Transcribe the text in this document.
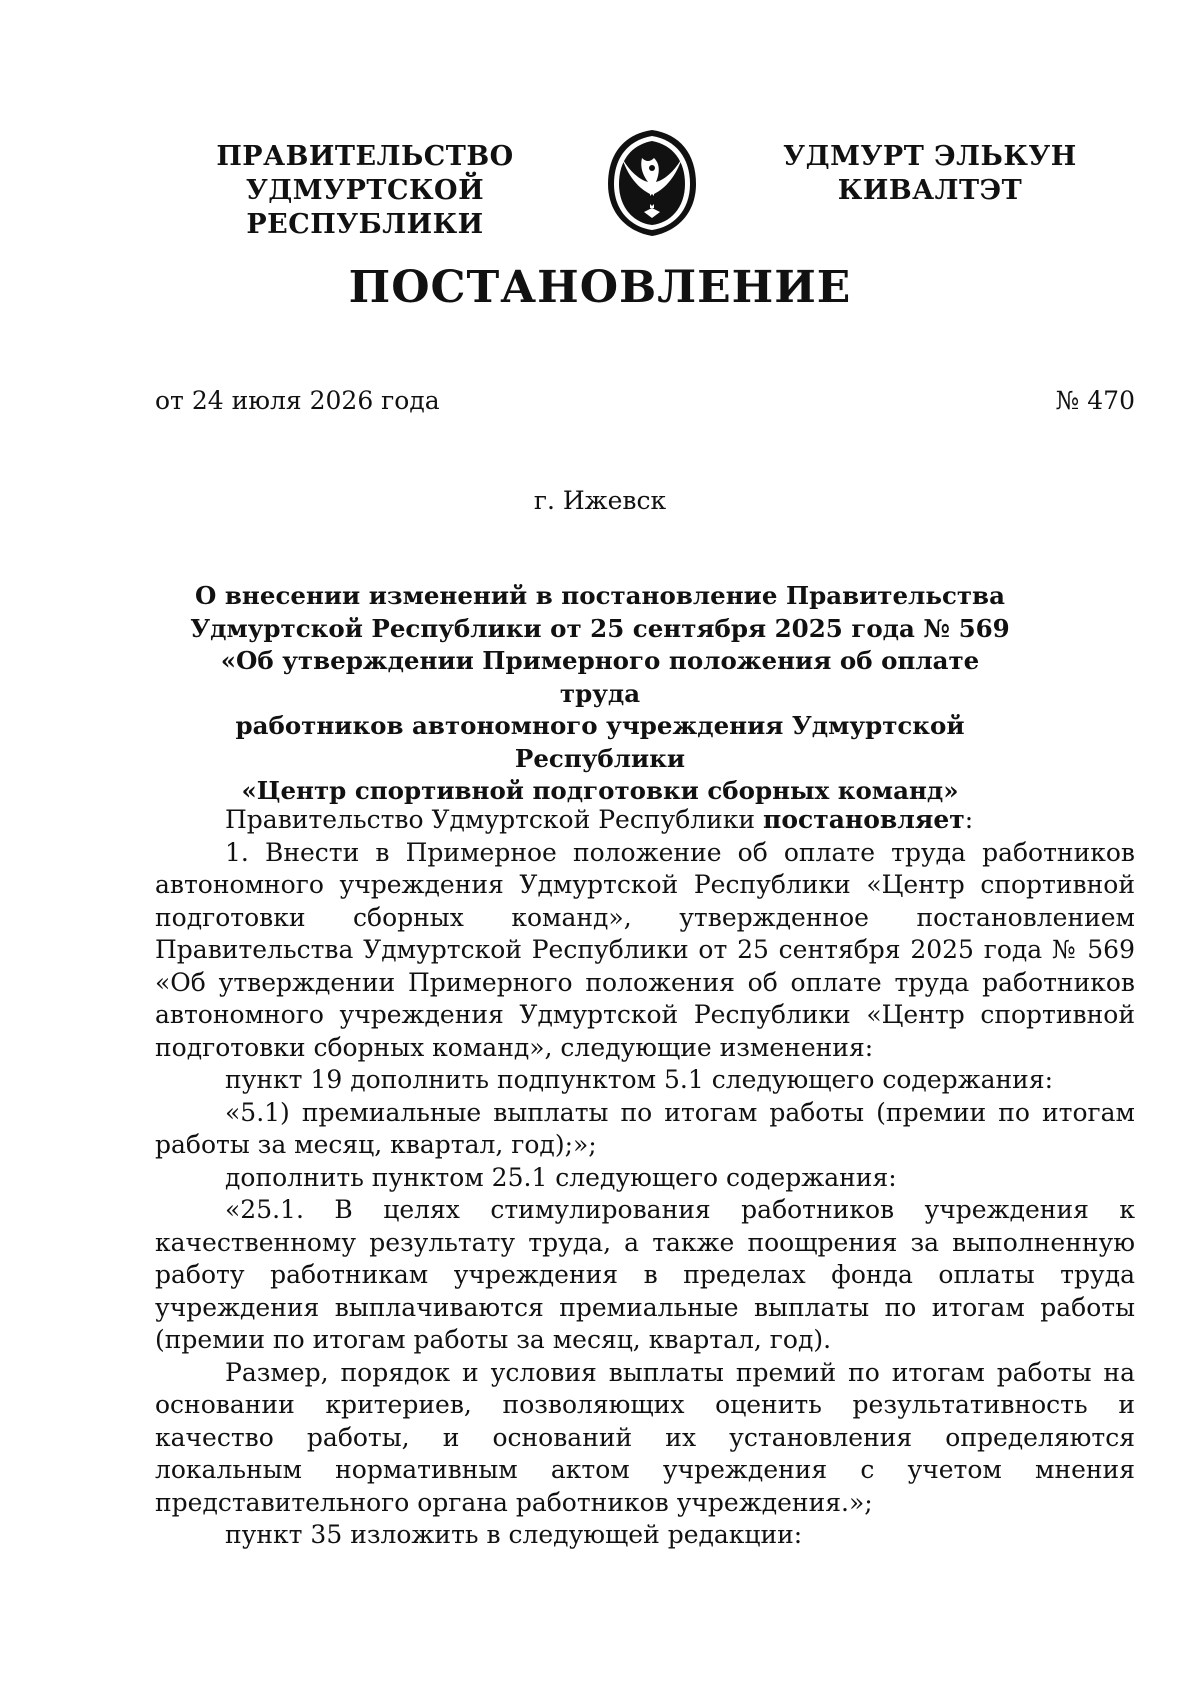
ПРАВИТЕЛЬСТВО
УДМУРТСКОЙ РЕСПУБЛИКИ
УДМУРТ ЭЛЬКУН
КИВАЛТЭТ
ПОСТАНОВЛЕНИЕ
от 24 июля 2026 года	№ 470
г. Ижевск
О внесении изменений в постановление Правительства
Удмуртской Республики от 25 сентября 2025 года № 569
«Об утверждении Примерного положения об оплате труда
работников автономного учреждения Удмуртской Республики
«Центр спортивной подготовки сборных команд»

Правительство Удмуртской Республики постановляет:

1. Внести в Примерное положение об оплате труда работников автономного учреждения Удмуртской Республики «Центр спортивной подготовки сборных команд», утвержденное постановлением Правительства Удмуртской Республики от 25 сентября 2025 года № 569 «Об утверждении Примерного положения об оплате труда работников автономного учреждения Удмуртской Республики «Центр спортивной подготовки сборных команд», следующие изменения:

пункт 19 дополнить подпунктом 5.1 следующего содержания:

«5.1) премиальные выплаты по итогам работы (премии по итогам работы за месяц, квартал, год);»;

дополнить пунктом 25.1 следующего содержания:

«25.1. В целях стимулирования работников учреждения к качественному результату труда, а также поощрения за выполненную работу работникам учреждения в пределах фонда оплаты труда учреждения выплачиваются премиальные выплаты по итогам работы (премии по итогам работы за месяц, квартал, год).

Размер, порядок и условия выплаты премий по итогам работы на основании критериев, позволяющих оценить результативность и качество работы, и оснований их установления определяются локальным нормативным актом учреждения с учетом мнения представительного органа работников учреждения.»;

пункт 35 изложить в следующей редакции:
